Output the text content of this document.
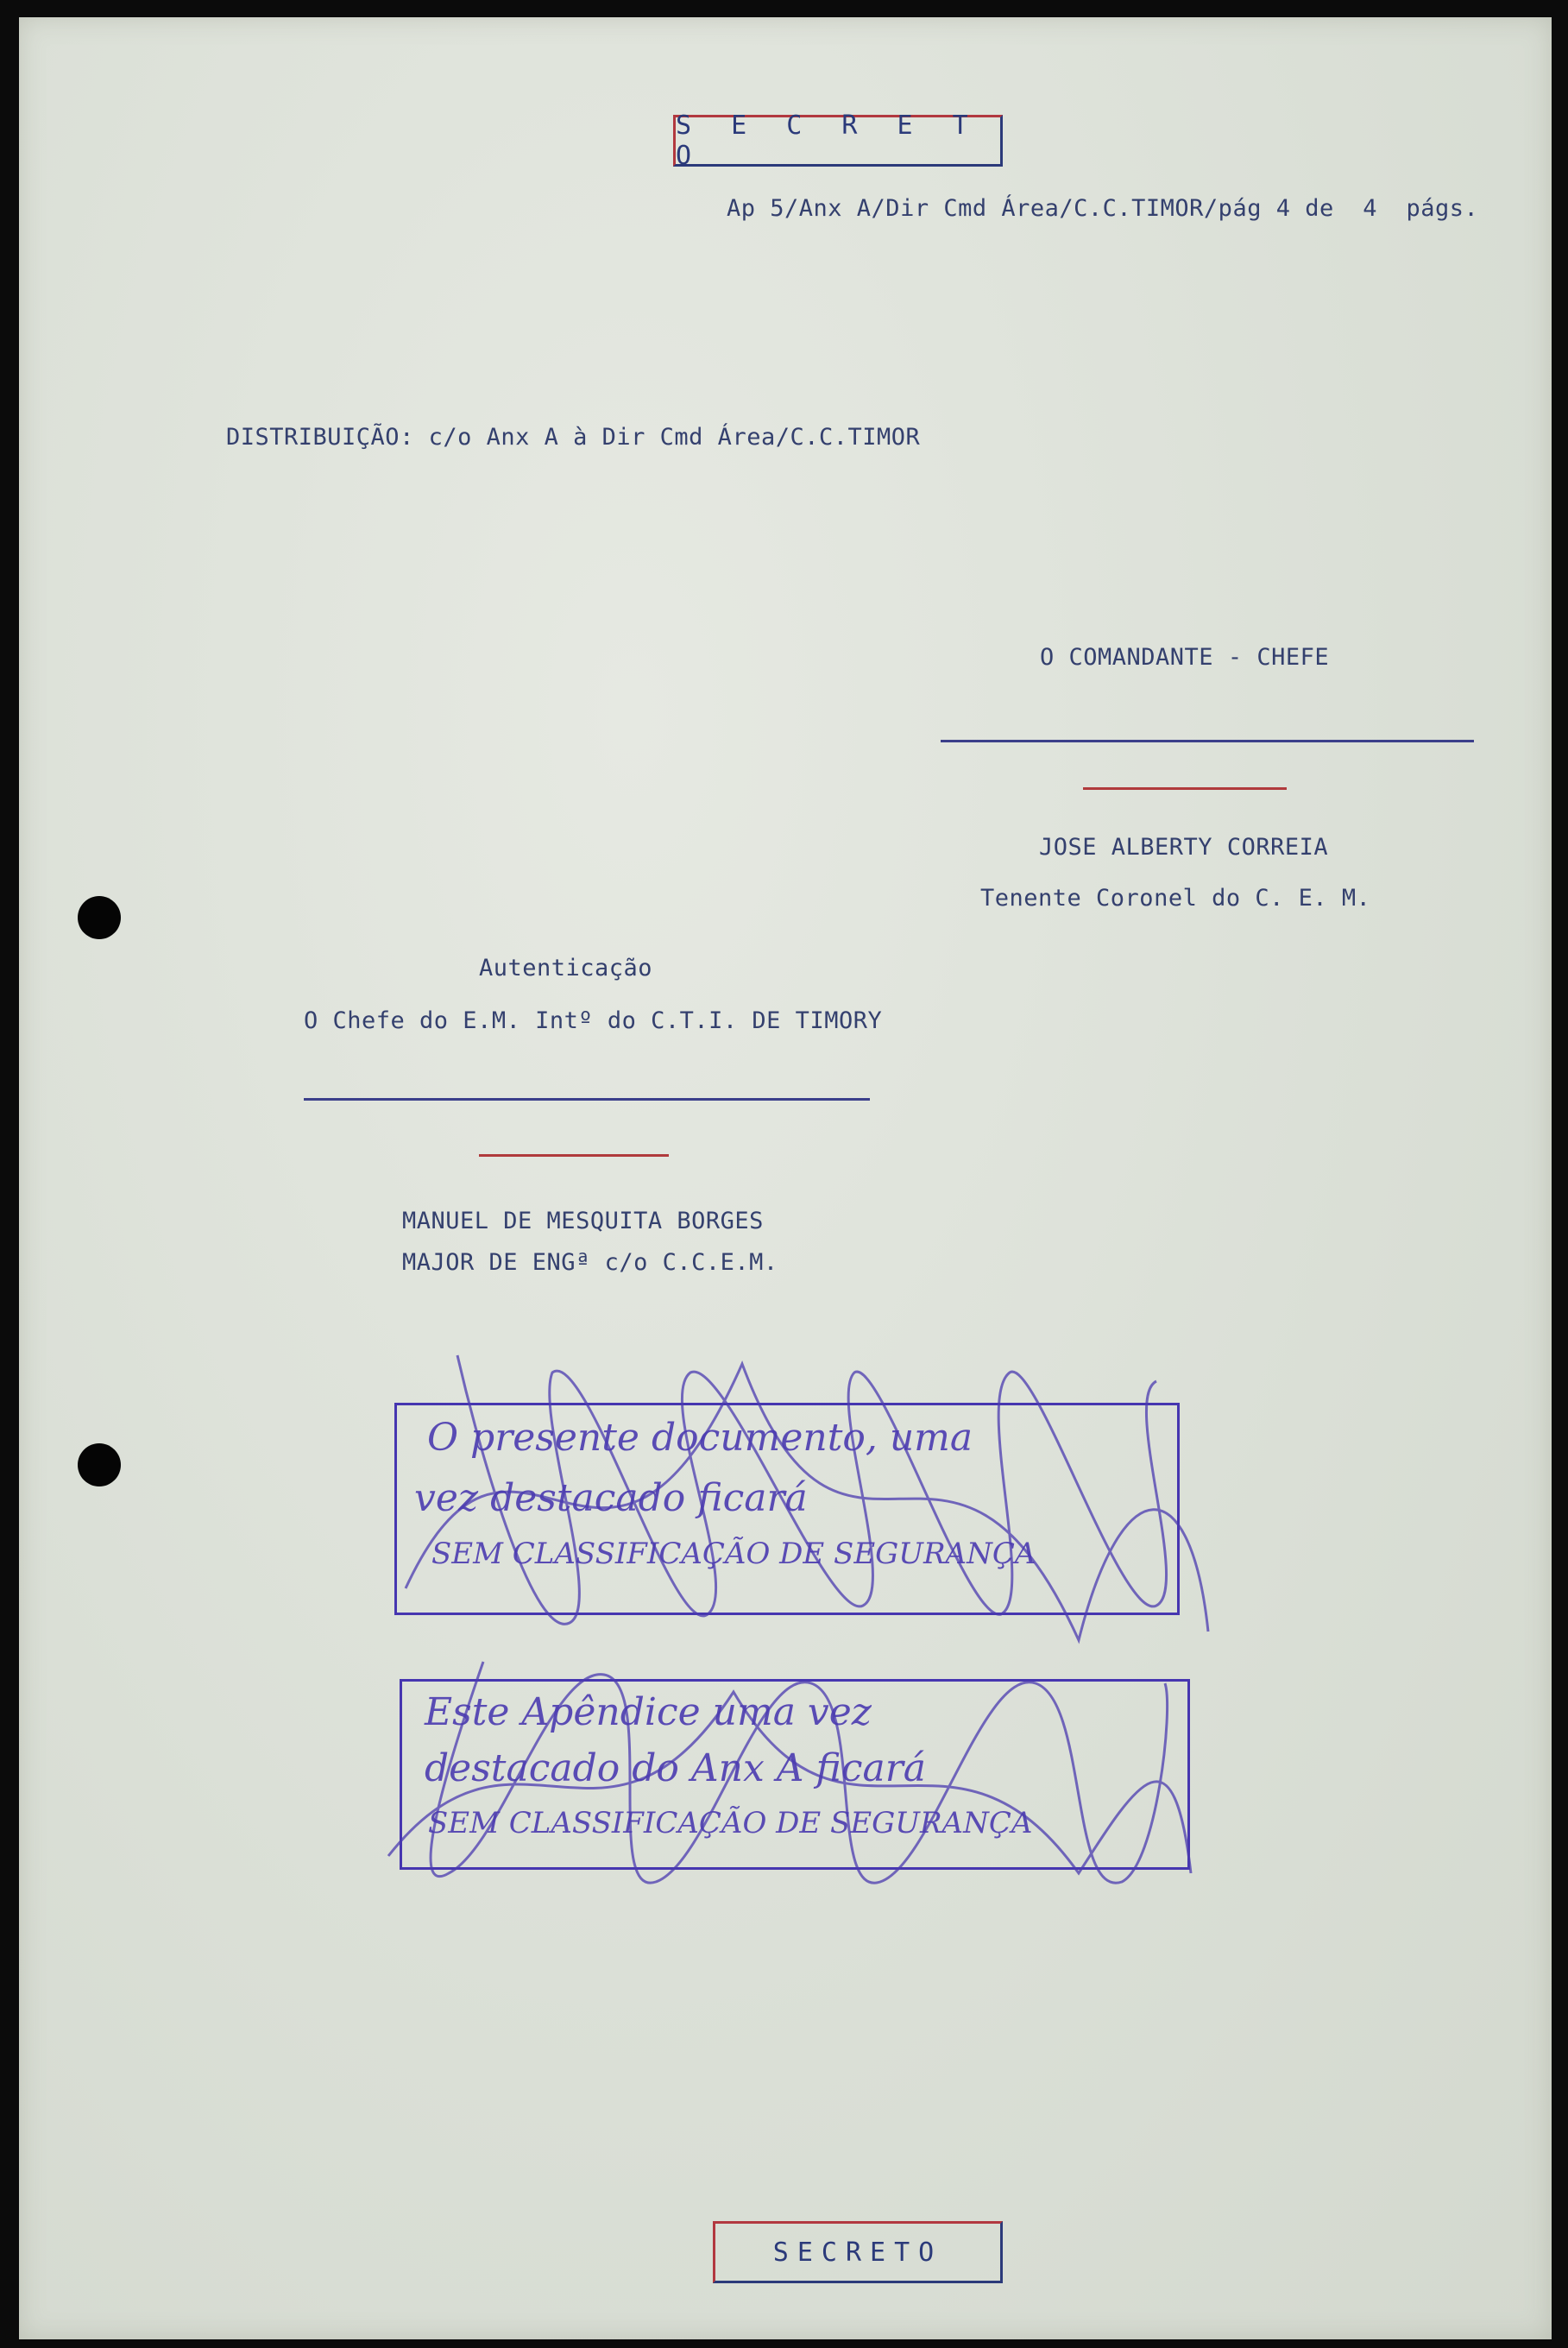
S E C R E T O
Ap 5/Anx A/Dir Cmd Área/C.C.TIMOR/pág 4 de  4  págs.
DISTRIBUIÇÃO: c/o Anx A à Dir Cmd Área/C.C.TIMOR
O COMANDANTE - CHEFE
JOSE ALBERTY CORREIA
Tenente Coronel do C. E. M.
Autenticação
O Chefe do E.M. Intº do C.T.I. DE TIMORY
MANUEL DE MESQUITA BORGES
MAJOR DE ENGª c/o C.C.E.M.
O presente documento, uma
vez destacado ficará
SEM CLASSIFICAÇÃO DE SEGURANÇA
Este Apêndice uma vez
destacado do Anx A ficará
SEM CLASSIFICAÇÃO DE SEGURANÇA
SECRETO
